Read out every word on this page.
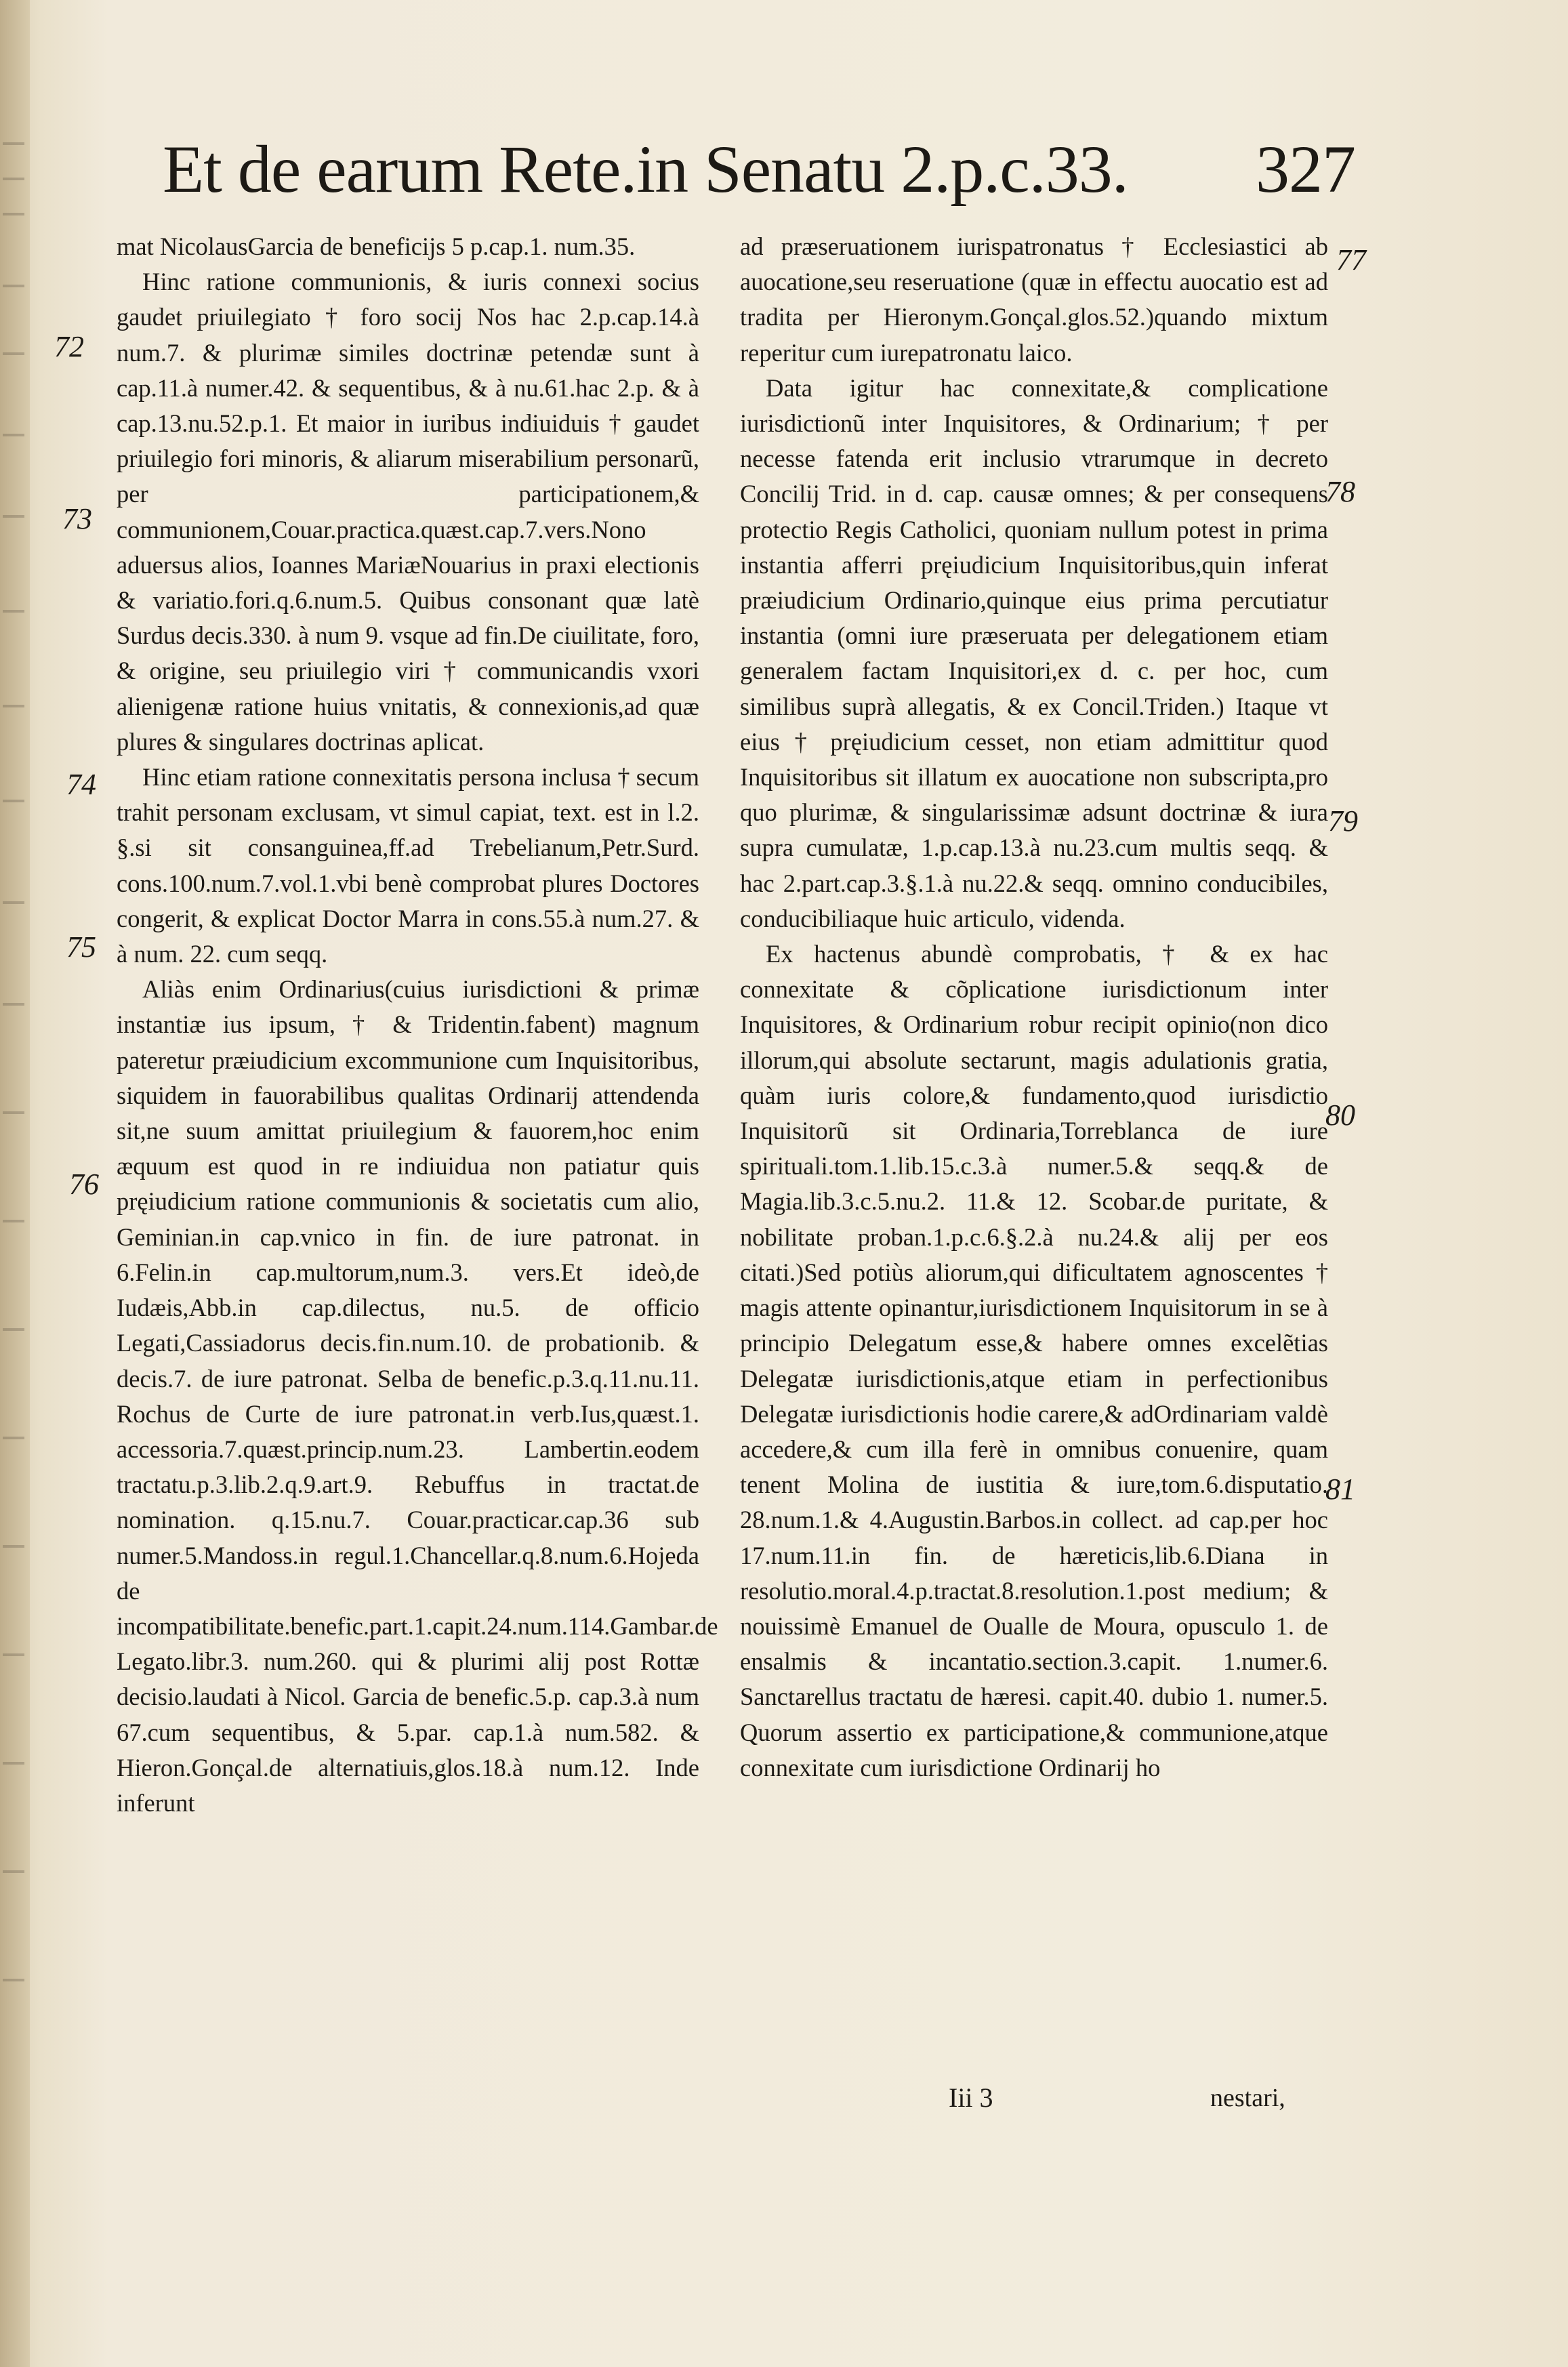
Et de earum Rete.in Senatu 2.p.c.33. 327

mat NicolausGarcia de beneficijs 5 p.cap.1. num.35.

Hinc ratione communionis, & iuris connexi socius gaudet priuilegiato † foro socij Nos hac 2.p.cap.14.à num.7. & plurimæ similes doctrinæ petendæ sunt à cap.11.à numer.42. & sequentibus, & à nu.61.hac 2.p. & à cap.13.nu.52.p.1. Et maior in iuribus indiuiduis † gaudet priuilegio fori minoris, & aliarum miserabilium personarũ, per participationem,& communionem,Couar.practica.quæst.cap.7.vers.Nono aduersus alios, Ioannes MariæNouarius in praxi electionis & variatio.fori.q.6.num.5. Quibus consonant quæ latè Surdus decis.330. à num 9. vsque ad fin.De ciuilitate, foro, & origine, seu priuilegio viri † communicandis vxori alienigenæ ratione huius vnitatis, & connexionis,ad quæ plures & singulares doctrinas aplicat.

Hinc etiam ratione connexitatis persona inclusa † secum trahit personam exclusam, vt simul capiat, text. est in l.2. §.si sit consanguinea,ff.ad Trebelianum,Petr.Surd. cons.100.num.7.vol.1.vbi benè comprobat plures Doctores congerit, & explicat Doctor Marra in cons.55.à num.27. & à num. 22. cum seqq.

Aliàs enim Ordinarius(cuius iurisdictioni & primæ instantiæ ius ipsum, † & Tridentin.fabent) magnum pateretur præiudicium excommunione cum Inquisitoribus, siquidem in fauorabilibus qualitas Ordinarij attendenda sit,ne suum amittat priuilegium & fauorem,hoc enim æquum est quod in re indiuidua non patiatur quis pręiudicium ratione communionis & societatis cum alio, Geminian.in cap.vnico in fin. de iure patronat. in 6.Felin.in cap.multorum,num.3. vers.Et ideò,de Iudæis,Abb.in cap.dilectus, nu.5. de officio Legati,Cassiadorus decis.fin.num.10. de probationib. & decis.7. de iure patronat. Selba de benefic.p.3.q.11.nu.11. Rochus de Curte de iure patronat.in verb.Ius,quæst.1. accessoria.7.quæst.princip.num.23. Lambertin.eodem tractatu.p.3.lib.2.q.9.art.9. Rebuffus in tractat.de nomination. q.15.nu.7. Couar.practicar.cap.36 sub numer.5.Mandoss.in regul.1.Chancellar.q.8.num.6.Hojeda de incompatibilitate.benefic.part.1.capit.24.num.114.Gambar.de Legato.libr.3. num.260. qui & plurimi alij post Rottæ decisio.laudati à Nicol. Garcia de benefic.5.p. cap.3.à num 67.cum sequentibus, & 5.par. cap.1.à num.582. & Hieron.Gonçal.de alternatiuis,glos.18.à num.12. Inde inferunt

72
73
74
75
76

ad præseruationem iurispatronatus † Ecclesiastici ab auocatione,seu reseruatione (quæ in effectu auocatio est ad tradita per Hieronym.Gonçal.glos.52.)quando mixtum reperitur cum iurepatronatu laico.

Data igitur hac connexitate,& complicatione iurisdictionũ inter Inquisitores, & Ordinarium; † per necesse fatenda erit inclusio vtrarumque in decreto Concilij Trid. in d. cap. causæ omnes; & per consequens protectio Regis Catholici, quoniam nullum potest in prima instantia afferri pręiudicium Inquisitoribus,quin inferat præiudicium Ordinario,quinque eius prima percutiatur instantia (omni iure præseruata per delegationem etiam generalem factam Inquisitori,ex d. c. per hoc, cum similibus suprà allegatis, & ex Concil.Triden.) Itaque vt eius † pręiudicium cesset, non etiam admittitur quod Inquisitoribus sit illatum ex auocatione non subscripta,pro quo plurimæ, & singularissimæ adsunt doctrinæ & iura supra cumulatæ, 1.p.cap.13.à nu.23.cum multis seqq. & hac 2.part.cap.3.§.1.à nu.22.& seqq. omnino conducibiles, conducibiliaque huic articulo, videnda.

Ex hactenus abundè comprobatis, † & ex hac connexitate & cõplicatione iurisdictionum inter Inquisitores, & Ordinarium robur recipit opinio(non dico illorum,qui absolute sectarunt, magis adulationis gratia, quàm iuris colore,& fundamento,quod iurisdictio Inquisitorũ sit Ordinaria,Torreblanca de iure spirituali.tom.1.lib.15.c.3.à numer.5.& seqq.& de Magia.lib.3.c.5.nu.2. 11.& 12. Scobar.de puritate, & nobilitate proban.1.p.c.6.§.2.à nu.24.& alij per eos citati.)Sed potiùs aliorum,qui dificultatem agnoscentes † magis attente opinantur,iurisdictionem Inquisitorum in se à principio Delegatum esse,& habere omnes excelẽtias Delegatæ iurisdictionis,atque etiam in perfectionibus Delegatæ iurisdictionis hodie carere,& adOrdinariam valdè accedere,& cum illa ferè in omnibus conuenire, quam tenent Molina de iustitia & iure,tom.6.disputatio. 28.num.1.& 4.Augustin.Barbos.in collect. ad cap.per hoc 17.num.11.in fin. de hæreticis,lib.6.Diana in resolutio.moral.4.p.tractat.8.resolution.1.post medium; & nouissimè Emanuel de Oualle de Moura, opusculo 1. de ensalmis & incantatio.section.3.capit. 1.numer.6. Sanctarellus tractatu de hæresi. capit.40. dubio 1. numer.5. Quorum assertio ex participatione,& communione,atque connexitate cum iurisdictione Ordinarij ho

77
78
79
80
81
Iii 3	nestari,
